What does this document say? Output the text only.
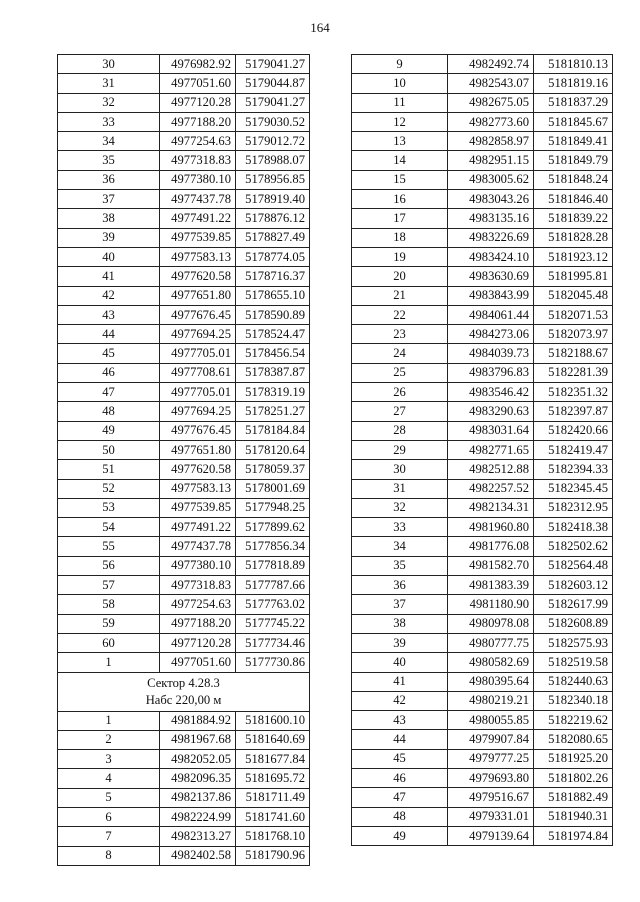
164
30	4976982.92	5179041.27
31	4977051.60	5179044.87
32	4977120.28	5179041.27
33	4977188.20	5179030.52
34	4977254.63	5179012.72
35	4977318.83	5178988.07
36	4977380.10	5178956.85
37	4977437.78	5178919.40
38	4977491.22	5178876.12
39	4977539.85	5178827.49
40	4977583.13	5178774.05
41	4977620.58	5178716.37
42	4977651.80	5178655.10
43	4977676.45	5178590.89
44	4977694.25	5178524.47
45	4977705.01	5178456.54
46	4977708.61	5178387.87
47	4977705.01	5178319.19
48	4977694.25	5178251.27
49	4977676.45	5178184.84
50	4977651.80	5178120.64
51	4977620.58	5178059.37
52	4977583.13	5178001.69
53	4977539.85	5177948.25
54	4977491.22	5177899.62
55	4977437.78	5177856.34
56	4977380.10	5177818.89
57	4977318.83	5177787.66
58	4977254.63	5177763.02
59	4977188.20	5177745.22
60	4977120.28	5177734.46
1	4977051.60	5177730.86

Сектор 4.28.3
Набс 220,00 м		

1	4981884.92	5181600.10
2	4981967.68	5181640.69
3	4982052.05	5181677.84
4	4982096.35	5181695.72
5	4982137.86	5181711.49
6	4982224.99	5181741.60
7	4982313.27	5181768.10
8	4982402.58	5181790.96
9	4982492.74	5181810.13
10	4982543.07	5181819.16
11	4982675.05	5181837.29
12	4982773.60	5181845.67
13	4982858.97	5181849.41
14	4982951.15	5181849.79
15	4983005.62	5181848.24
16	4983043.26	5181846.40
17	4983135.16	5181839.22
18	4983226.69	5181828.28
19	4983424.10	5181923.12
20	4983630.69	5181995.81
21	4983843.99	5182045.48
22	4984061.44	5182071.53
23	4984273.06	5182073.97
24	4984039.73	5182188.67
25	4983796.83	5182281.39
26	4983546.42	5182351.32
27	4983290.63	5182397.87
28	4983031.64	5182420.66
29	4982771.65	5182419.47
30	4982512.88	5182394.33
31	4982257.52	5182345.45
32	4982134.31	5182312.95
33	4981960.80	5182418.38
34	4981776.08	5182502.62
35	4981582.70	5182564.48
36	4981383.39	5182603.12
37	4981180.90	5182617.99
38	4980978.08	5182608.89
39	4980777.75	5182575.93
40	4980582.69	5182519.58
41	4980395.64	5182440.63
42	4980219.21	5182340.18
43	4980055.85	5182219.62
44	4979907.84	5182080.65
45	4979777.25	5181925.20
46	4979693.80	5181802.26
47	4979516.67	5181882.49
48	4979331.01	5181940.31
49	4979139.64	5181974.84
